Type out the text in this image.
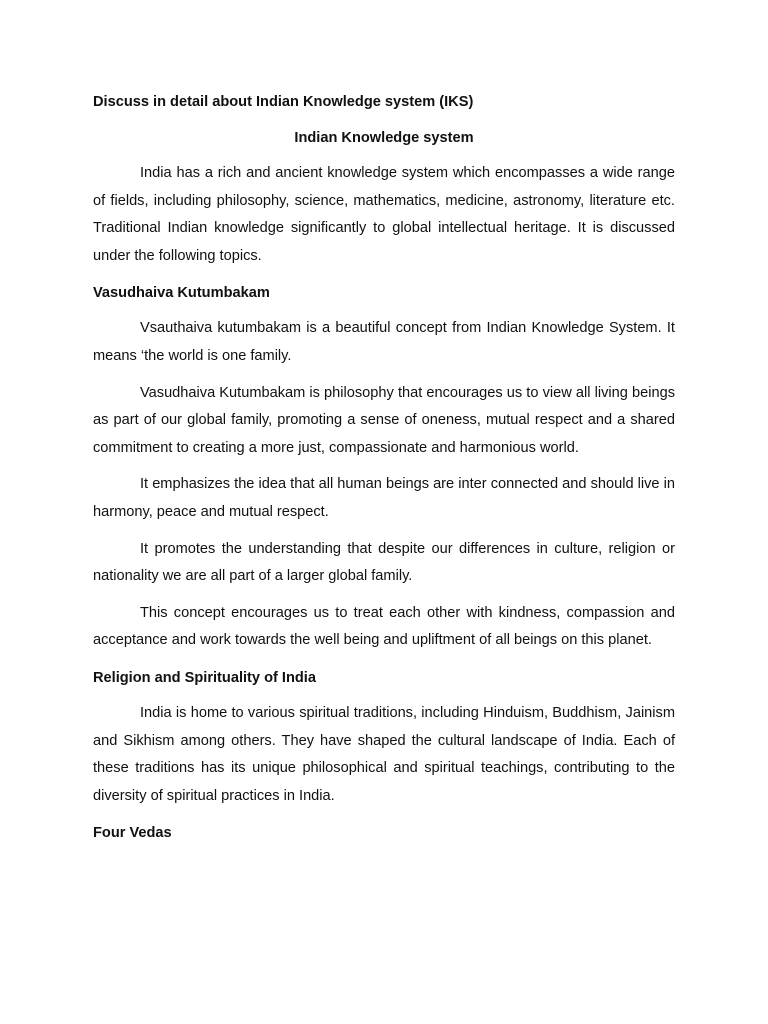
Discuss in detail about Indian Knowledge system (IKS)
Indian Knowledge system

India has a rich and ancient knowledge system which encompasses a wide range of fields, including philosophy, science, mathematics, medicine, astronomy, literature etc. Traditional Indian knowledge significantly to global intellectual heritage. It is discussed under the following topics.

Vasudhaiva Kutumbakam

Vsauthaiva kutumbakam is a beautiful concept from Indian Knowledge System. It means ‘the world is one family.

Vasudhaiva Kutumbakam is philosophy that encourages us to view all living beings as part of our global family, promoting a sense of oneness, mutual respect and a shared commitment to creating a more just, compassionate and harmonious world.

It emphasizes the idea that all human beings are inter connected and should live in harmony, peace and mutual respect.

It promotes the understanding that despite our differences in culture, religion or nationality we are all part of a larger global family.

This concept encourages us to treat each other with kindness, compassion and acceptance and work towards the well being and upliftment of all beings on this planet.

Religion and Spirituality of India

India is home to various spiritual traditions, including Hinduism, Buddhism, Jainism and Sikhism among others. They have shaped the cultural landscape of India. Each of these traditions has its unique philosophical and spiritual teachings, contributing to the diversity of spiritual practices in India.

Four Vedas
